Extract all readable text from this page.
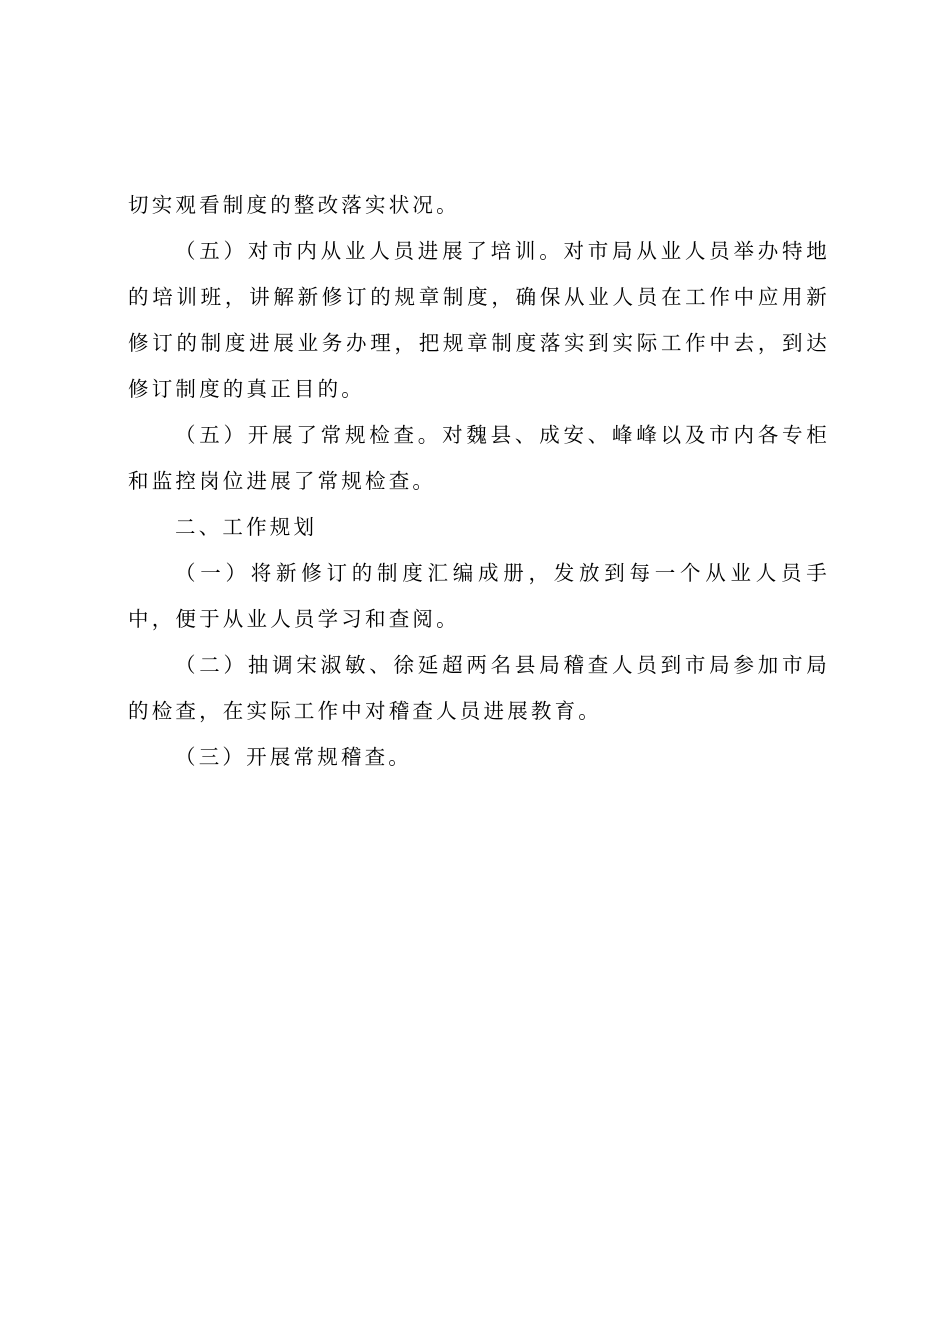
切实观看制度的整改落实状况。

（五）对市内从业人员进展了培训。对市局从业人员举办特地的培训班，讲解新修订的规章制度，确保从业人员在工作中应用新修订的制度进展业务办理，把规章制度落实到实际工作中去，到达修订制度的真正目的。

（五）开展了常规检查。对魏县、成安、峰峰以及市内各专柜和监控岗位进展了常规检查。

二、工作规划

（一）将新修订的制度汇编成册，发放到每一个从业人员手中，便于从业人员学习和查阅。

（二）抽调宋淑敏、徐延超两名县局稽查人员到市局参加市局的检查，在实际工作中对稽查人员进展教育。

（三）开展常规稽查。
